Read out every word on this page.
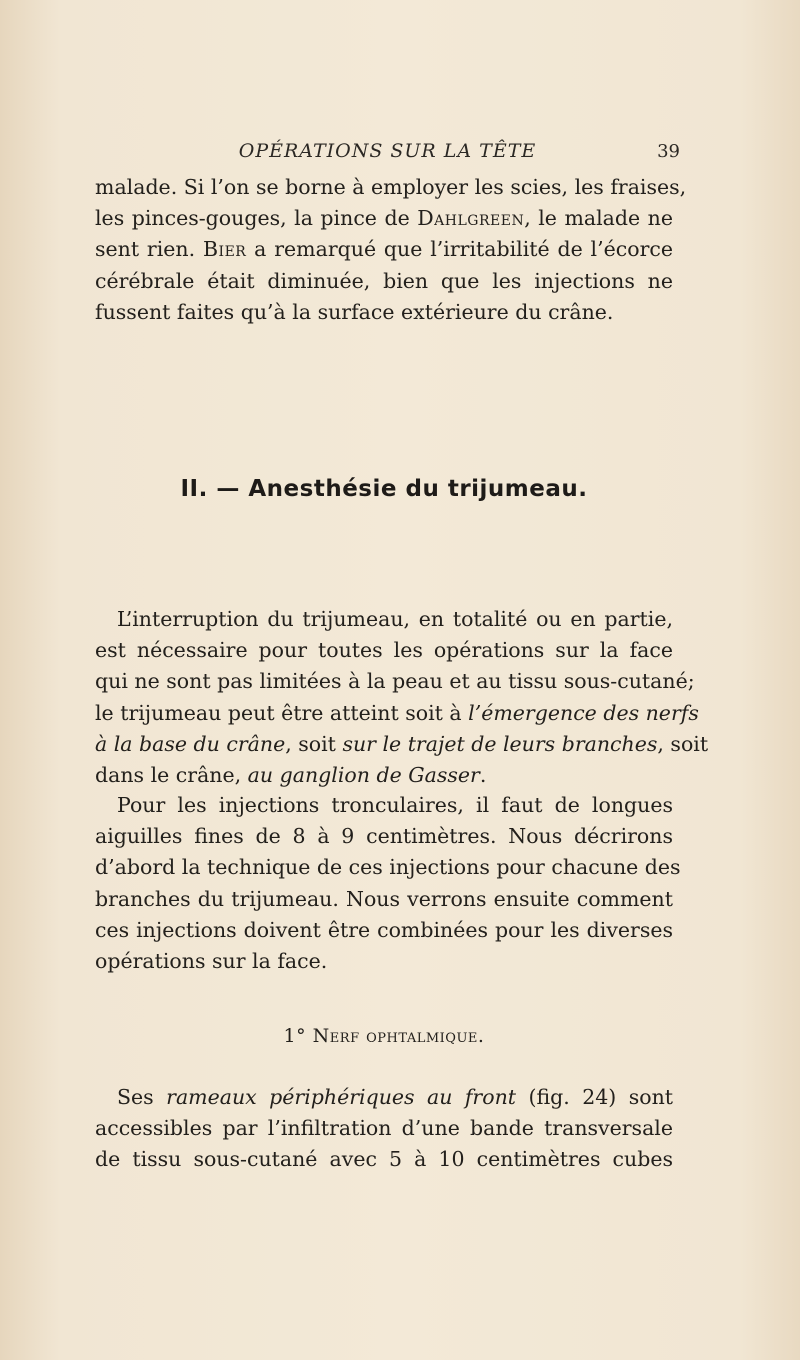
OPÉRATIONS SUR LA TÊTE	39
malade. Si l’on se borne à employer les scies, les fraises,
les pinces-gouges, la pince de Dahlgreen, le malade ne
sent rien. Bier a remarqué que l’irritabilité de l’écorce
cérébrale était diminuée, bien que les injections ne
fussent faites qu’à la surface extérieure du crâne.
II. — Anesthésie du trijumeau.
L’interruption du trijumeau, en totalité ou en partie,
est nécessaire pour toutes les opérations sur la face
qui ne sont pas limitées à la peau et au tissu sous-cutané;
le trijumeau peut être atteint soit à l’émergence des nerfs
à la base du crâne, soit sur le trajet de leurs branches, soit
dans le crâne, au ganglion de Gasser.
Pour les injections tronculaires, il faut de longues
aiguilles fines de 8 à 9 centimètres. Nous décrirons
d’abord la technique de ces injections pour chacune des
branches du trijumeau. Nous verrons ensuite comment
ces injections doivent être combinées pour les diverses
opérations sur la face.
1° Nerf ophtalmique.
Ses rameaux périphériques au front (fig. 24) sont
accessibles par l’infiltration d’une bande transversale
de tissu sous-cutané avec 5 à 10 centimètres cubes
